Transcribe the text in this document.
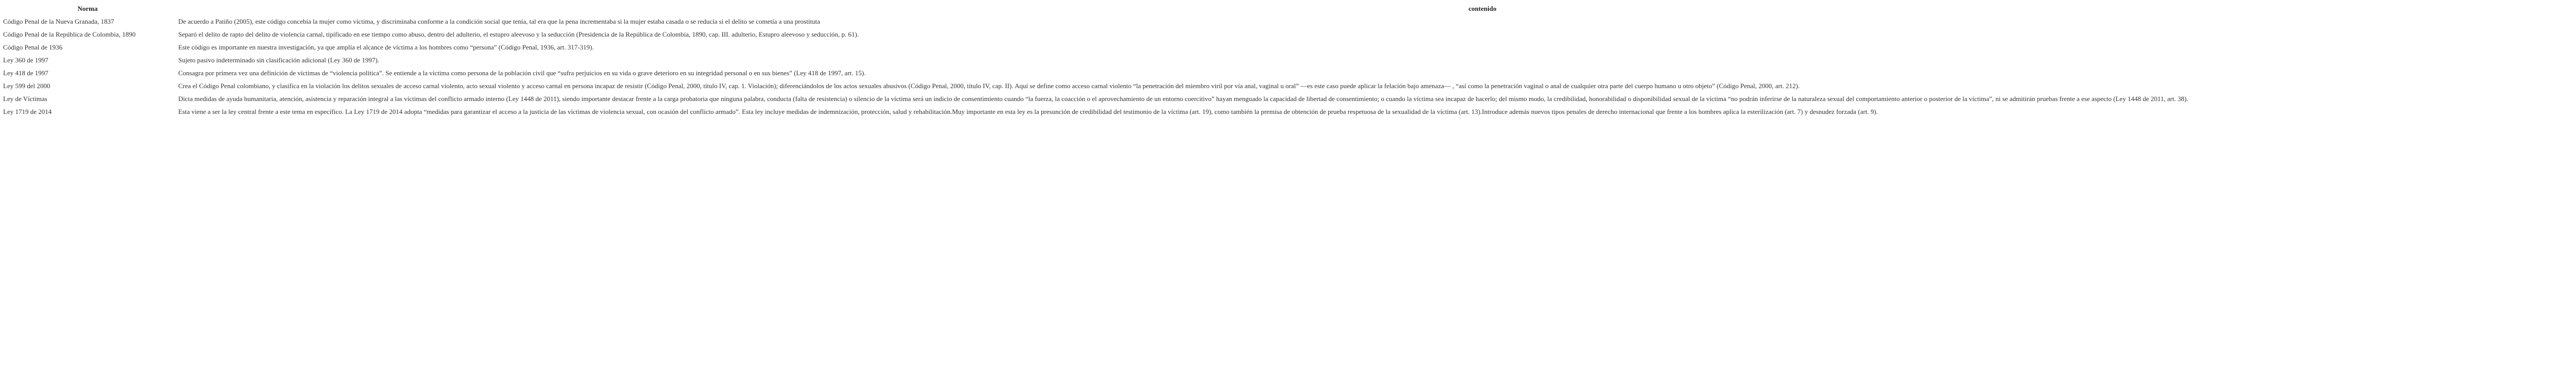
Norma	contenido
Código Penal de la Nueva Granada, 1837	De acuerdo a Patiño (2005), este código concebía la mujer como víctima, y discriminaba conforme a la condición social que tenía, tal era que la pena incrementaba si la mujer estaba casada o se reducía si el delito se cometía a una prostituta
Código Penal de la República de Colombia, 1890	Separó el delito de rapto del delito de violencia carnal, tipificado en ese tiempo como abuso, dentro del adulterio, el estupro aleevoso y la seducción (Presidencia de la República de Colombia, 1890, cap. III. adulterio, Estupro aleevoso y seducción, p. 61).
Código Penal de 1936	Este código es importante en nuestra investigación, ya que amplía el alcance de víctima a los hombres como “persona” (Código Penal, 1936, art. 317-319).
Ley 360 de 1997	Sujeto pasivo indeterminado sin clasificación adicional (Ley 360 de 1997).
Ley 418 de 1997	Consagra por primera vez una definición de víctimas de “violencia política”. Se entiende a la víctima como persona de la población civil que “sufra perjuicios en su vida o grave deterioro en su integridad personal o en sus bienes” (Ley 418 de 1997, art. 15).
Ley 599 del 2000	Crea el Código Penal colombiano, y clasifica en la violación los delitos sexuales de acceso carnal violento, acto sexual violento y acceso carnal en persona incapaz de resistir (Código Penal, 2000, título IV, cap. 1. Violación); diferenciándolos de los actos sexuales abusivos (Código Penal, 2000, título IV, cap. II). Aquí se define como acceso carnal violento “la penetración del miembro viril por vía anal, vaginal u oral” —es este caso puede aplicar la felación bajo amenaza— , “así como la penetración vaginal o anal de cualquier otra parte del cuerpo humano u otro objeto” (Código Penal, 2000, art. 212).
Ley de Víctimas	Dicta medidas de ayuda humanitaria, atención, asistencia y reparación integral a las víctimas del conflicto armado interno (Ley 1448 de 2011), siendo importante destacar frente a la carga probatoria que ninguna palabra, conducta (falta de resistencia) o silencio de la víctima será un indicio de consentimiento cuando “la fuerza, la coacción o el aprovechamiento de un entorno coercitivo” hayan menguado la capacidad de libertad de consentimiento; o cuando la víctima sea incapaz de hacerlo; del mismo modo, la credibilidad, honorabilidad o disponibilidad sexual de la víctima “no podrán inferirse de la naturaleza sexual del comportamiento anterior o posterior de la víctima”, ni se admitirán pruebas frente a ese aspecto (Ley 1448 de 2011, art. 38).
Ley 1719 de 2014	Esta viene a ser la ley central frente a este tema en específico. La Ley 1719 de 2014 adopta “medidas para garantizar el acceso a la justicia de las víctimas de violencia sexual, con ocasión del conflicto armado”. Esta ley incluye medidas de indemnización, protección, salud y rehabilitación.Muy importante en esta ley es la presunción de credibilidad del testimonio de la víctima (art. 19), como también la premisa de obtención de prueba respetuosa de la sexualidad de la víctima (art. 13).Introduce además nuevos tipos penales de derecho internacional que frente a los hombres aplica la esterilización (art. 7) y desnudez forzada (art. 9).
